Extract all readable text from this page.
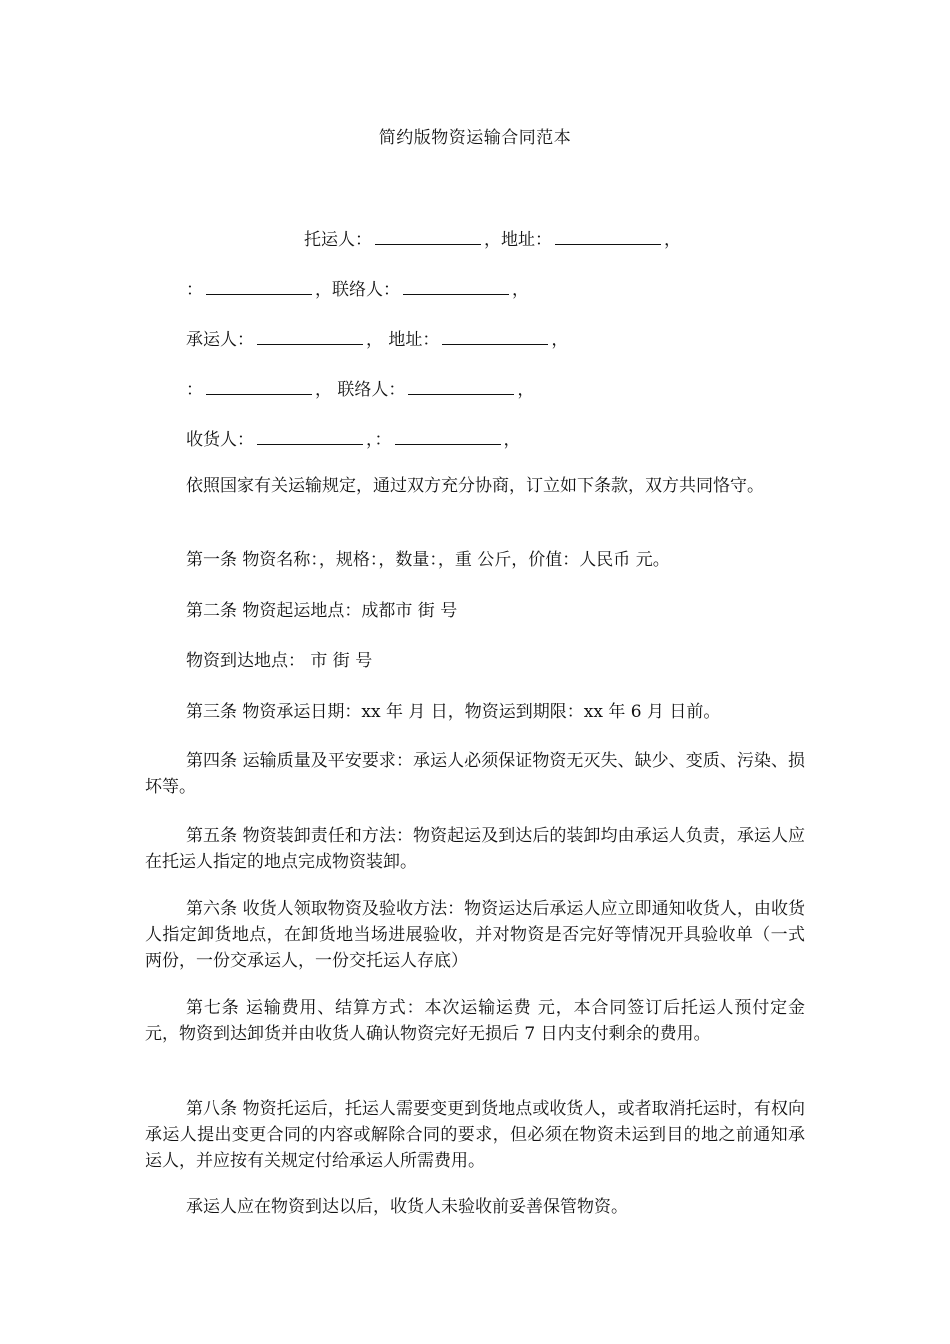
简约版物资运输合同范本
托运人：	，地址：	，
：	，联络人：	，
承运人：	， 地址：	，
：	， 联络人：	，
收货人：	，：	，

依照国家有关运输规定，通过双方充分协商，订立如下条款，双方共同恪守。

第一条 物资名称：，规格：，数量：，重 公斤，价值：人民币 元。

第二条 物资起运地点：成都市 街 号

物资到达地点： 市 街 号

第三条 物资承运日期：xx 年 月 日，物资运到期限：xx 年 6 月 日前。

第四条 运输质量及平安要求：承运人必须保证物资无灭失、缺少、变质、污染、损坏等。

第五条 物资装卸责任和方法：物资起运及到达后的装卸均由承运人负责，承运人应在托运人指定的地点完成物资装卸。

第六条 收货人领取物资及验收方法：物资运达后承运人应立即通知收货人，由收货人指定卸货地点，在卸货地当场进展验收，并对物资是否完好等情况开具验收单（一式两份，一份交承运人，一份交托运人存底）

第七条 运输费用、结算方式：本次运输运费 元，本合同签订后托运人预付定金 元，物资到达卸货并由收货人确认物资完好无损后 7 日内支付剩余的费用。

第八条 物资托运后，托运人需要变更到货地点或收货人，或者取消托运时，有权向承运人提出变更合同的内容或解除合同的要求，但必须在物资未运到目的地之前通知承运人，并应按有关规定付给承运人所需费用。

承运人应在物资到达以后，收货人未验收前妥善保管物资。
